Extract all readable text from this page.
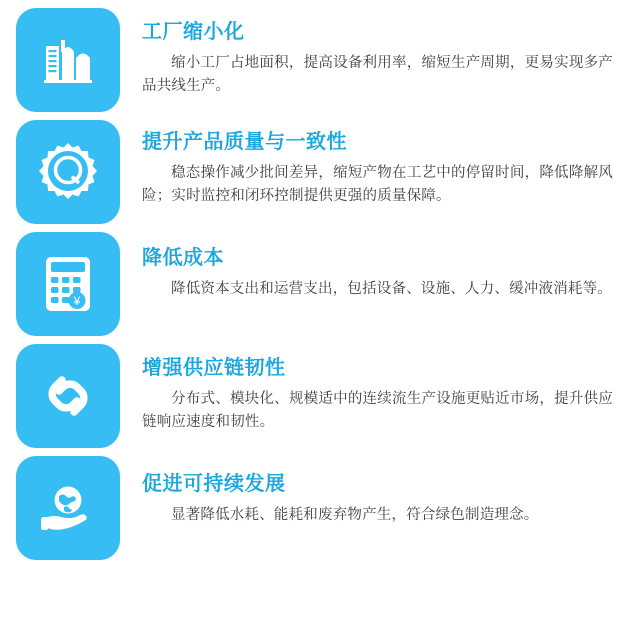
工厂缩小化

缩小工厂占地面积，提高设备利用率，缩短生产周期，更易实现多产品共线生产。

提升产品质量与一致性

稳态操作减少批间差异，缩短产物在工艺中的停留时间，降低降解风险；实时监控和闭环控制提供更强的质量保障。

¥
降低成本

降低资本支出和运营支出，包括设备、设施、人力、缓冲液消耗等。

增强供应链韧性

分布式、模块化、规模适中的连续流生产设施更贴近市场，提升供应链响应速度和韧性。

促进可持续发展

显著降低水耗、能耗和废弃物产生，符合绿色制造理念。
